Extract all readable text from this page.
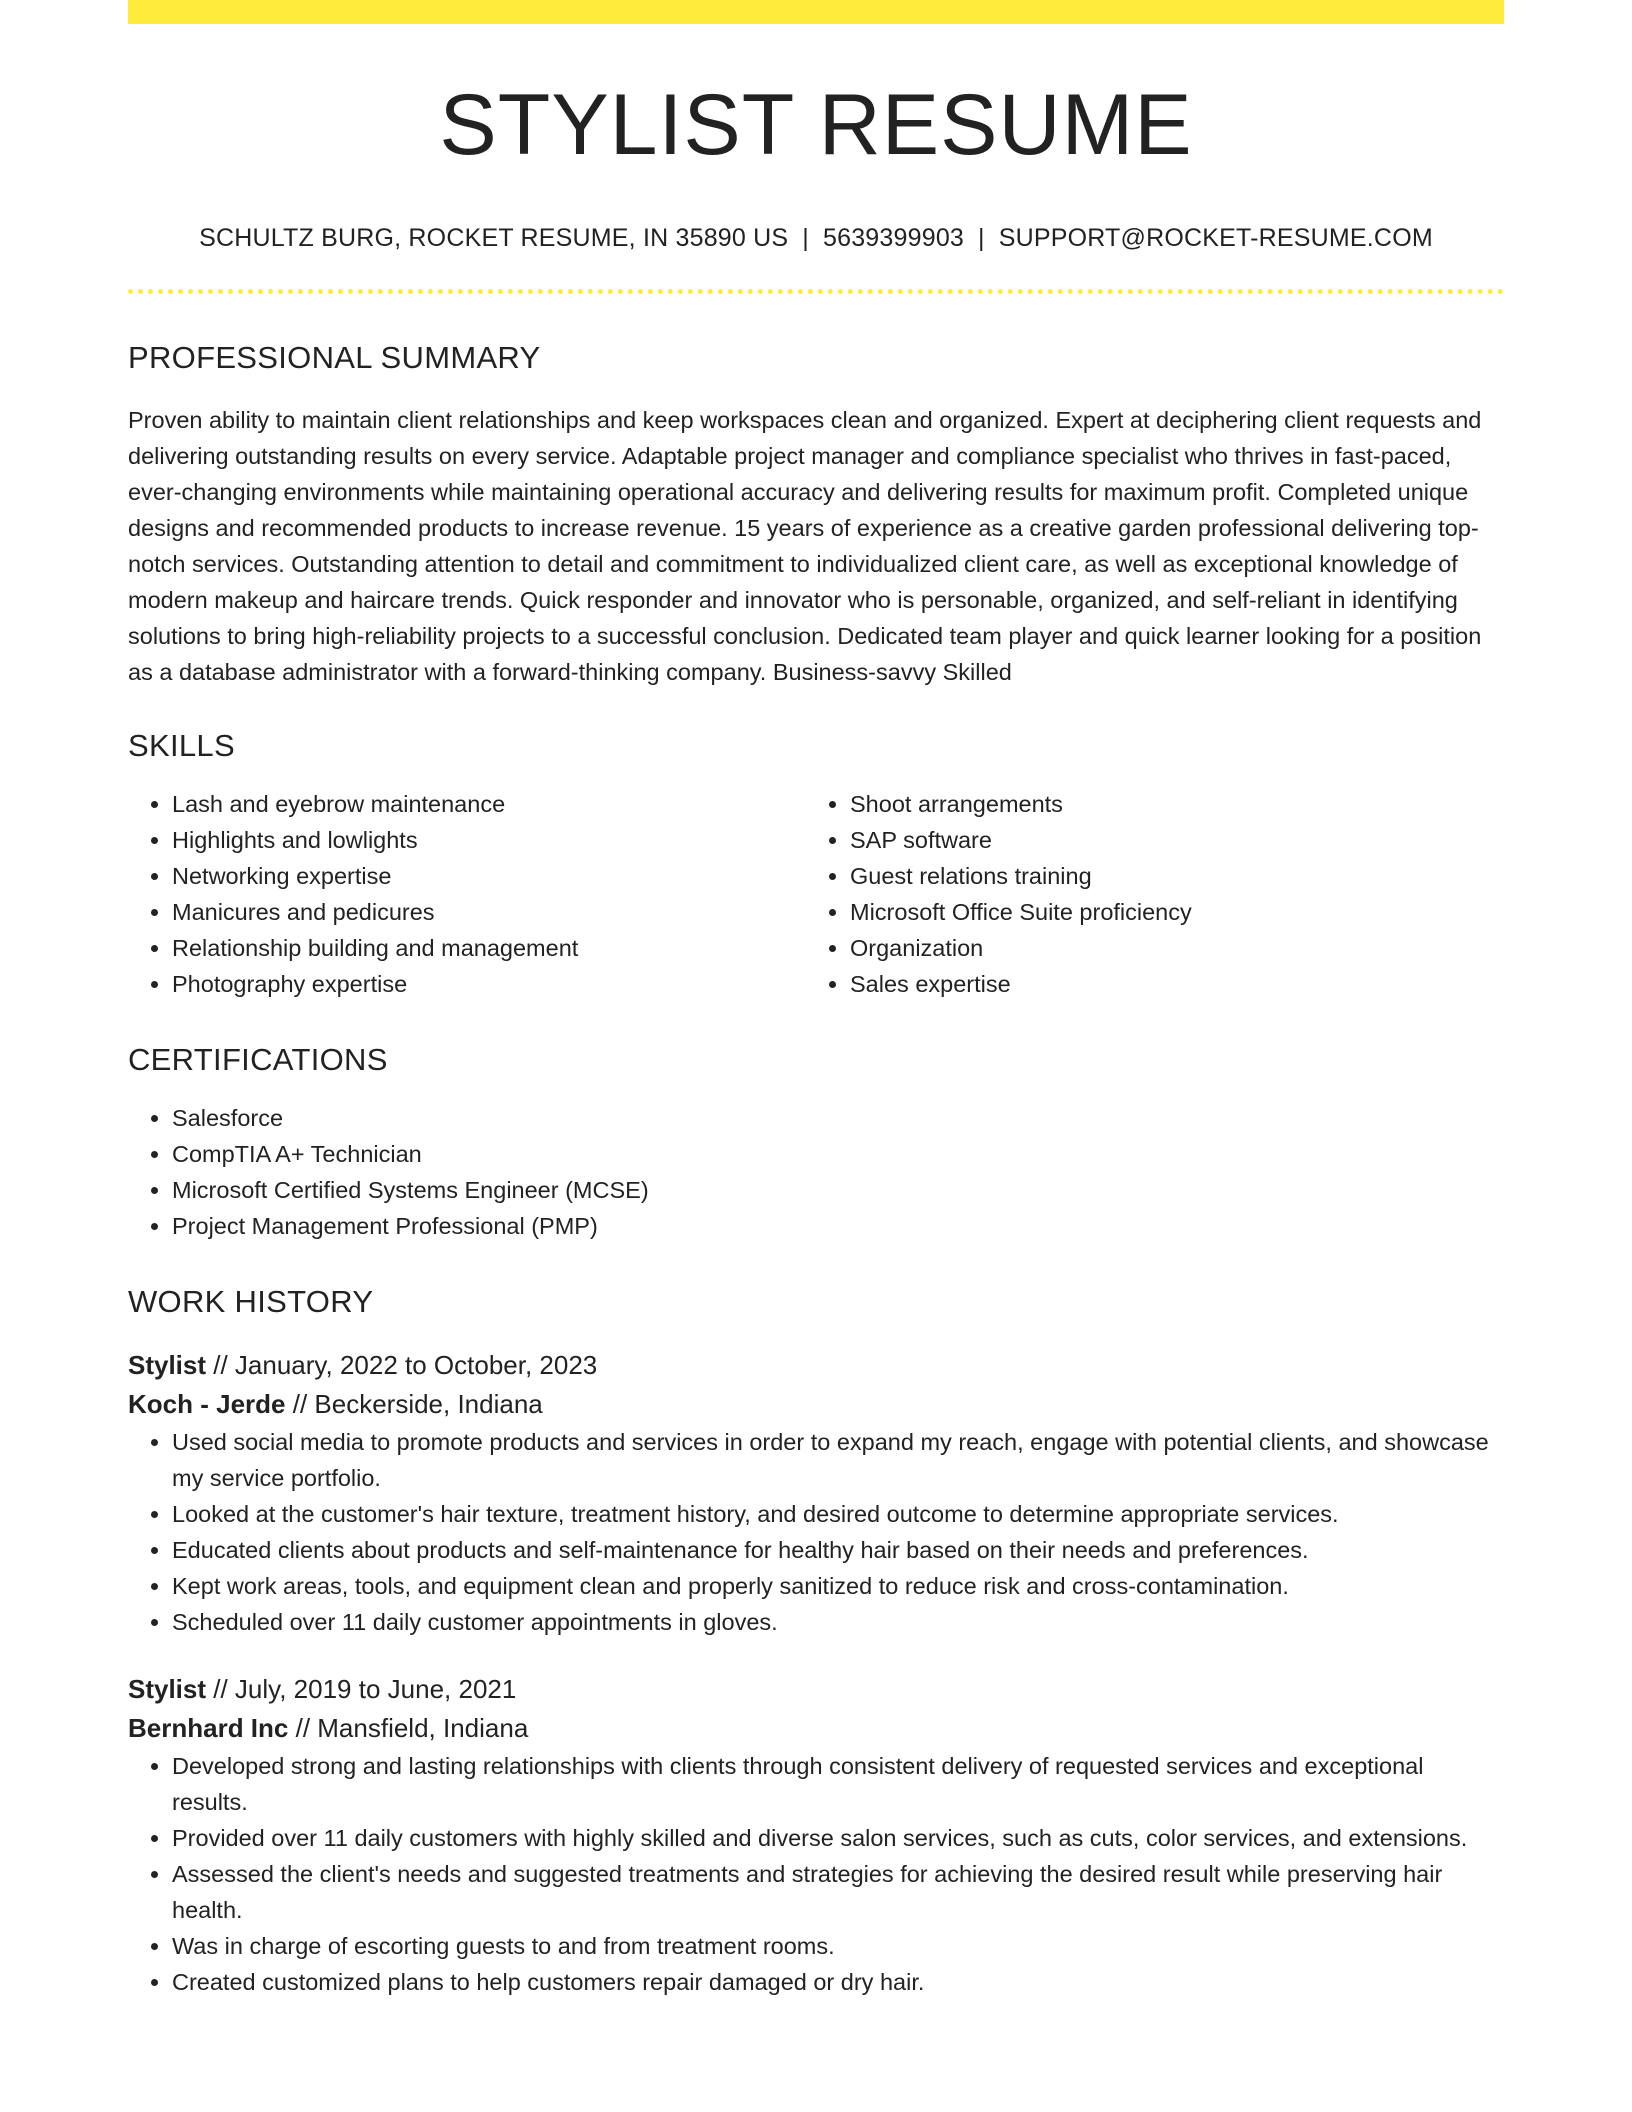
STYLIST RESUME
SCHULTZ BURG, ROCKET RESUME, IN 35890 US | 5639399903 | SUPPORT@ROCKET-RESUME.COM
PROFESSIONAL SUMMARY
Proven ability to maintain client relationships and keep workspaces clean and organized. Expert at deciphering client requests and delivering outstanding results on every service. Adaptable project manager and compliance specialist who thrives in fast-paced, ever-changing environments while maintaining operational accuracy and delivering results for maximum profit. Completed unique designs and recommended products to increase revenue. 15 years of experience as a creative garden professional delivering top-notch services. Outstanding attention to detail and commitment to individualized client care, as well as exceptional knowledge of modern makeup and haircare trends. Quick responder and innovator who is personable, organized, and self-reliant in identifying solutions to bring high-reliability projects to a successful conclusion. Dedicated team player and quick learner looking for a position as a database administrator with a forward-thinking company. Business-savvy Skilled
SKILLS
• Lash and eyebrow maintenance
• Highlights and lowlights
• Networking expertise
• Manicures and pedicures
• Relationship building and management
• Photography expertise
• Shoot arrangements
• SAP software
• Guest relations training
• Microsoft Office Suite proficiency
• Organization
• Sales expertise
CERTIFICATIONS
• Salesforce
• CompTIA A+ Technician
• Microsoft Certified Systems Engineer (MCSE)
• Project Management Professional (PMP)
WORK HISTORY
Stylist // January, 2022 to October, 2023
Koch - Jerde // Beckerside, Indiana
• Used social media to promote products and services in order to expand my reach, engage with potential clients, and showcase my service portfolio.
• Looked at the customer's hair texture, treatment history, and desired outcome to determine appropriate services.
• Educated clients about products and self-maintenance for healthy hair based on their needs and preferences.
• Kept work areas, tools, and equipment clean and properly sanitized to reduce risk and cross-contamination.
• Scheduled over 11 daily customer appointments in gloves.
Stylist // July, 2019 to June, 2021
Bernhard Inc // Mansfield, Indiana
• Developed strong and lasting relationships with clients through consistent delivery of requested services and exceptional results.
• Provided over 11 daily customers with highly skilled and diverse salon services, such as cuts, color services, and extensions.
• Assessed the client's needs and suggested treatments and strategies for achieving the desired result while preserving hair health.
• Was in charge of escorting guests to and from treatment rooms.
• Created customized plans to help customers repair damaged or dry hair.
